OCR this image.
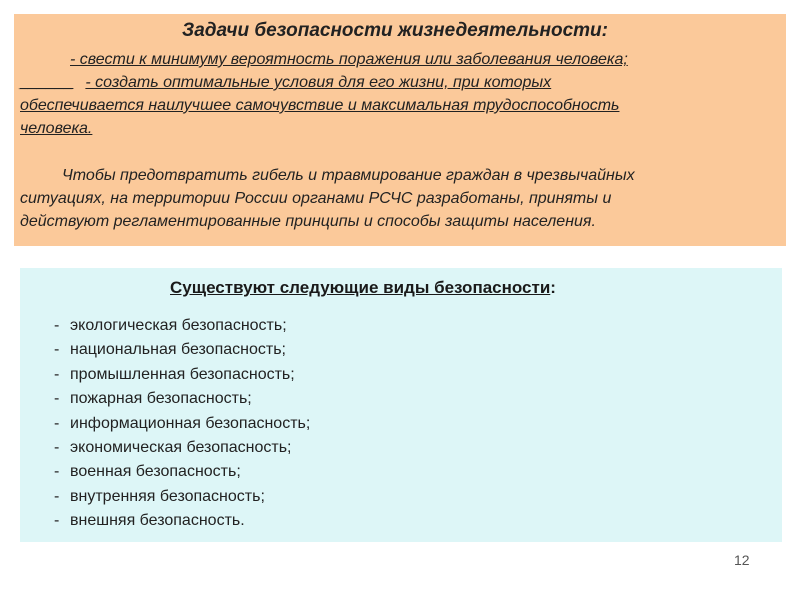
Задачи безопасности жизнедеятельности:
- свести к минимуму вероятность поражения или заболевания человека;
______ - создать оптимальные условия для его жизни, при которых
обеспечивается наилучшее самочувствие и максимальная трудоспособность
человека.
Чтобы предотвратить гибель и травмирование граждан в чрезвычайных
ситуациях, на территории России органами РСЧС разработаны, приняты и
действуют регламентированные принципы и способы защиты населения.
Существуют следующие виды безопасности:
- экологическая безопасность;
- национальная безопасность;
- промышленная безопасность;
- пожарная безопасность;
- информационная безопасность;
- экономическая безопасность;
- военная безопасность;
- внутренняя безопасность;
- внешняя безопасность.
12
